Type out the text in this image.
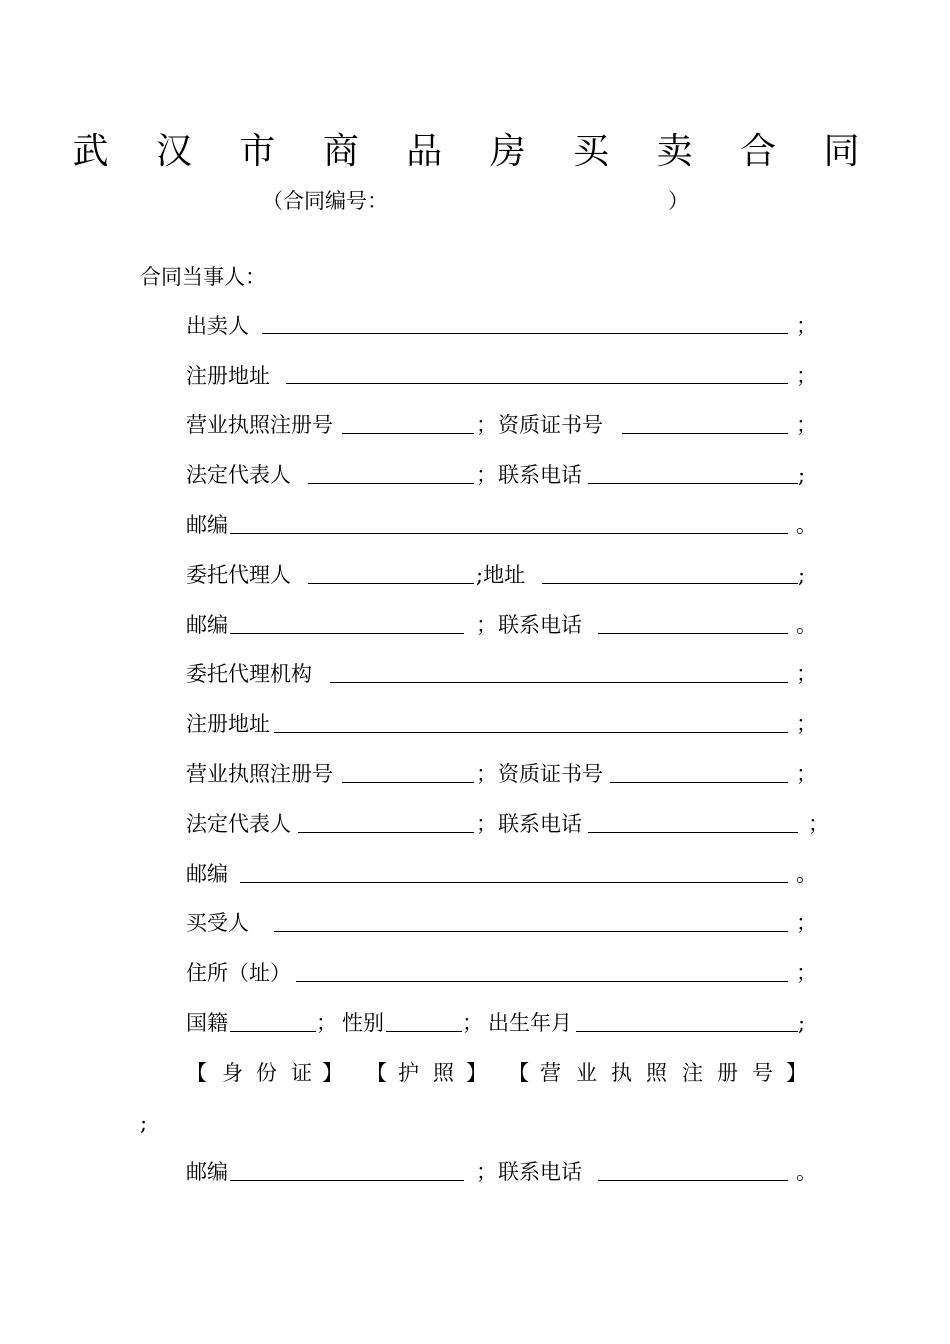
武 汉 市 商 品 房 买 卖 合 同
（合同编号：	）
合同当事人：
出卖人	；
注册地址	；
营业执照注册号	； 资质证书号	；
法定代表人	； 联系电话	;
邮编	。
委托代理人	;地址	;
邮编	； 联系电话	。
委托代理机构	；
注册地址	；
营业执照注册号	； 资质证书号	；
法定代表人	； 联系电话	；
邮编	。
买受人	；
住所（址）	；
国籍	； 性别	； 出生年月	;
【 身 份 证 】 【 护 照 】 【 营 业 执 照 注 册 号 】
;
邮编	； 联系电话	。
